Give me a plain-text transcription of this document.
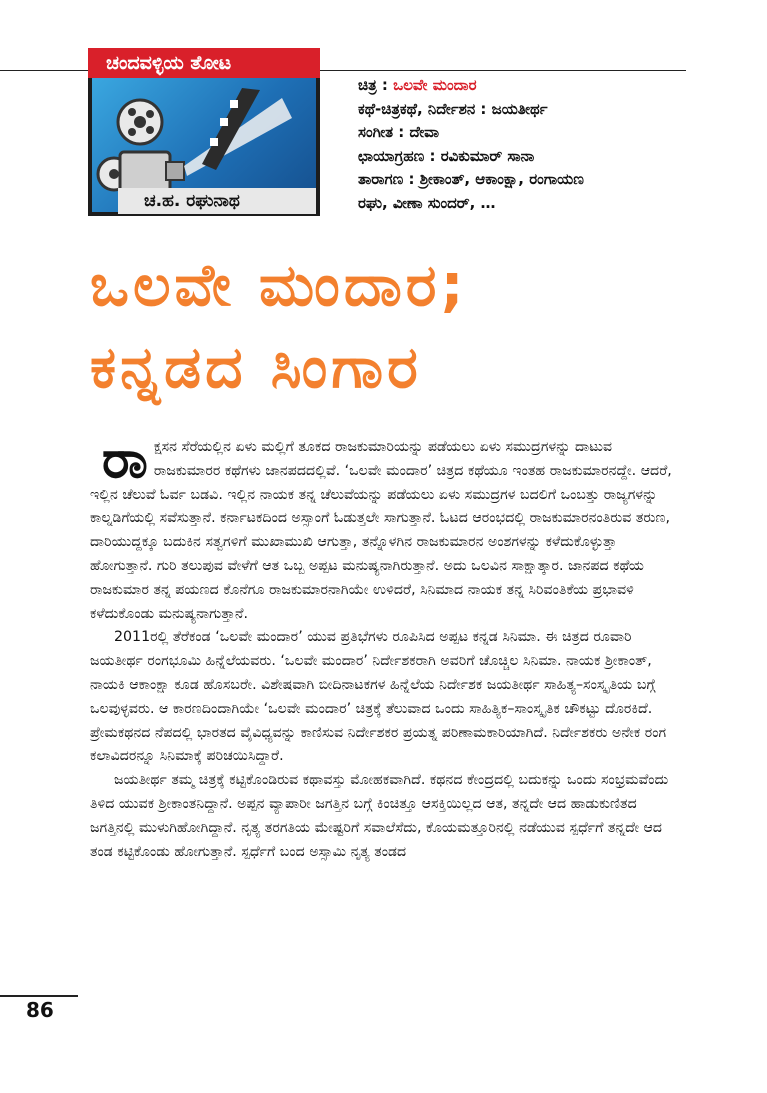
ಚಂದವಳ್ಳಿಯ ತೋಟ
ಚ.ಹ. ರಘುನಾಥ
ಚಿತ್ರ : ಒಲವೇ ಮಂದಾರ
ಕಥೆ-ಚಿತ್ರಕಥೆ, ನಿರ್ದೇಶನ : ಜಯತೀರ್ಥ
ಸಂಗೀತ : ದೇವಾ
ಛಾಯಾಗ್ರಹಣ : ರವಿಕುಮಾರ್ ಸಾನಾ
ತಾರಾಗಣ : ಶ್ರೀಕಾಂತ್, ಆಕಾಂಕ್ಷಾ, ರಂಗಾಯಣ
ರಘು, ವೀಣಾ ಸುಂದರ್, …
ಒಲವೇ ಮಂದಾರ;
ಕನ್ನಡದ ಸಿಂಗಾರ
ರಾ ಕ್ಷಸನ ಸೆರೆಯಲ್ಲಿನ ಏಳು ಮಲ್ಲಿಗೆ ತೂಕದ ರಾಜಕುಮಾರಿಯನ್ನು ಪಡೆಯಲು ಏಳು ಸಮುದ್ರಗಳನ್ನು ದಾಟುವ ರಾಜಕುಮಾರರ ಕಥೆಗಳು ಜಾನಪದದಲ್ಲಿವೆ. ‘ಒಲವೇ ಮಂದಾರ’ ಚಿತ್ರದ ಕಥೆಯೂ ಇಂತಹ ರಾಜಕುಮಾರನದ್ದೇ. ಆದರೆ, ಇಲ್ಲಿನ ಚೆಲುವೆ ಓರ್ವ ಬಡವಿ. ಇಲ್ಲಿನ ನಾಯಕ ತನ್ನ ಚೆಲುವೆಯನ್ನು ಪಡೆಯಲು ಏಳು ಸಮುದ್ರಗಳ ಬದಲಿಗೆ ಒಂಬತ್ತು ರಾಜ್ಯಗಳನ್ನು ಕಾಲ್ನಡಿಗೆಯಲ್ಲಿ ಸವೆಸುತ್ತಾನೆ. ಕರ್ನಾಟಕದಿಂದ ಅಸ್ಸಾಂಗೆ ಓಡುತ್ತಲೇ ಸಾಗುತ್ತಾನೆ. ಓಟದ ಆರಂಭದಲ್ಲಿ ರಾಜಕುಮಾರನಂತಿರುವ ತರುಣ, ದಾರಿಯುದ್ದಕ್ಕೂ ಬದುಕಿನ ಸತ್ವಗಳಿಗೆ ಮುಖಾಮುಖಿ ಆಗುತ್ತಾ, ತನ್ನೊಳಗಿನ ರಾಜಕುಮಾರನ ಅಂಶಗಳನ್ನು ಕಳೆದುಕೊಳ್ಳುತ್ತಾ ಹೋಗುತ್ತಾನೆ. ಗುರಿ ತಲುಪುವ ವೇಳೆಗೆ ಆತ ಒಬ್ಬ ಅಪ್ಪಟ ಮನುಷ್ಯನಾಗಿರುತ್ತಾನೆ. ಅದು ಒಲವಿನ ಸಾಕ್ಷಾತ್ಕಾರ. ಜಾನಪದ ಕಥೆಯ ರಾಜಕುಮಾರ ತನ್ನ ಪಯಣದ ಕೊನೆಗೂ ರಾಜಕುಮಾರನಾಗಿಯೇ ಉಳಿದರೆ, ಸಿನಿಮಾದ ನಾಯಕ ತನ್ನ ಸಿರಿವಂತಿಕೆಯ ಪ್ರಭಾವಳಿ ಕಳೆದುಕೊಂಡು ಮನುಷ್ಯನಾಗುತ್ತಾನೆ.

2011ರಲ್ಲಿ ತೆರೆಕಂಡ ‘ಒಲವೇ ಮಂದಾರ’ ಯುವ ಪ್ರತಿಭೆಗಳು ರೂಪಿಸಿದ ಅಪ್ಪಟ ಕನ್ನಡ ಸಿನಿಮಾ. ಈ ಚಿತ್ರದ ರೂವಾರಿ ಜಯತೀರ್ಥ ರಂಗಭೂಮಿ ಹಿನ್ನೆಲೆಯವರು. ‘ಒಲವೇ ಮಂದಾರ’ ನಿರ್ದೇಶಕರಾಗಿ ಅವರಿಗೆ ಚೊಚ್ಚಿಲ ಸಿನಿಮಾ. ನಾಯಕ ಶ್ರೀಕಾಂತ್, ನಾಯಕಿ ಆಕಾಂಕ್ಷಾ ಕೂಡ ಹೊಸಬರೇ. ವಿಶೇಷವಾಗಿ ಬೀದಿನಾಟಕಗಳ ಹಿನ್ನೆಲೆಯ ನಿರ್ದೇಶಕ ಜಯತೀರ್ಥ ಸಾಹಿತ್ಯ–ಸಂಸ್ಕೃತಿಯ ಬಗ್ಗೆ ಒಲವುಳ್ಳವರು. ಆ ಕಾರಣದಿಂದಾಗಿಯೇ ‘ಒಲವೇ ಮಂದಾರ’ ಚಿತ್ರಕ್ಕೆ ತೆಲುವಾದ ಒಂದು ಸಾಹಿತ್ಯಿಕ–ಸಾಂಸ್ಕೃತಿಕ ಚೌಕಟ್ಟು ದೊರಕಿದೆ. ಪ್ರೇಮಕಥನದ ನೆಪದಲ್ಲಿ ಭಾರತದ ವೈವಿಧ್ಯವನ್ನು ಕಾಣಿಸುವ ನಿರ್ದೇಶಕರ ಪ್ರಯತ್ನ ಪರಿಣಾಮಕಾರಿಯಾಗಿದೆ. ನಿರ್ದೇಶಕರು ಅನೇಕ ರಂಗ ಕಲಾವಿದರನ್ನೂ ಸಿನಿಮಾಕ್ಕೆ ಪರಿಚಯಿಸಿದ್ದಾರೆ.

ಜಯತೀರ್ಥ ತಮ್ಮ ಚಿತ್ರಕ್ಕೆ ಕಟ್ಟಿಕೊಂಡಿರುವ ಕಥಾವಸ್ತು ಮೋಹಕವಾಗಿದೆ. ಕಥನದ ಕೇಂದ್ರದಲ್ಲಿ ಬದುಕನ್ನು ಒಂದು ಸಂಭ್ರಮವೆಂದು ತಿಳಿದ ಯುವಕ ಶ್ರೀಕಾಂತನಿದ್ದಾನೆ. ಅಪ್ಪನ ವ್ಯಾಪಾರೀ ಜಗತ್ತಿನ ಬಗ್ಗೆ ಕಿಂಚಿತ್ತೂ ಆಸಕ್ತಿಯಿಲ್ಲದ ಆತ, ತನ್ನದೇ ಆದ ಹಾಡುಕುಣಿತದ ಜಗತ್ತಿನಲ್ಲಿ ಮುಳುಗಿಹೋಗಿದ್ದಾನೆ. ನೃತ್ಯ ತರಗತಿಯ ಮೇಷ್ಟರಿಗೆ ಸವಾಲೆಸೆದು, ಕೊಯಮತ್ತೂರಿನಲ್ಲಿ ನಡೆಯುವ ಸ್ಪರ್ಧೆಗೆ ತನ್ನದೇ ಆದ ತಂಡ ಕಟ್ಟಿಕೊಂಡು ಹೋಗುತ್ತಾನೆ. ಸ್ಪರ್ಧೆಗೆ ಬಂದ ಅಸ್ಸಾಮಿ ನೃತ್ಯ ತಂಡದ

86
